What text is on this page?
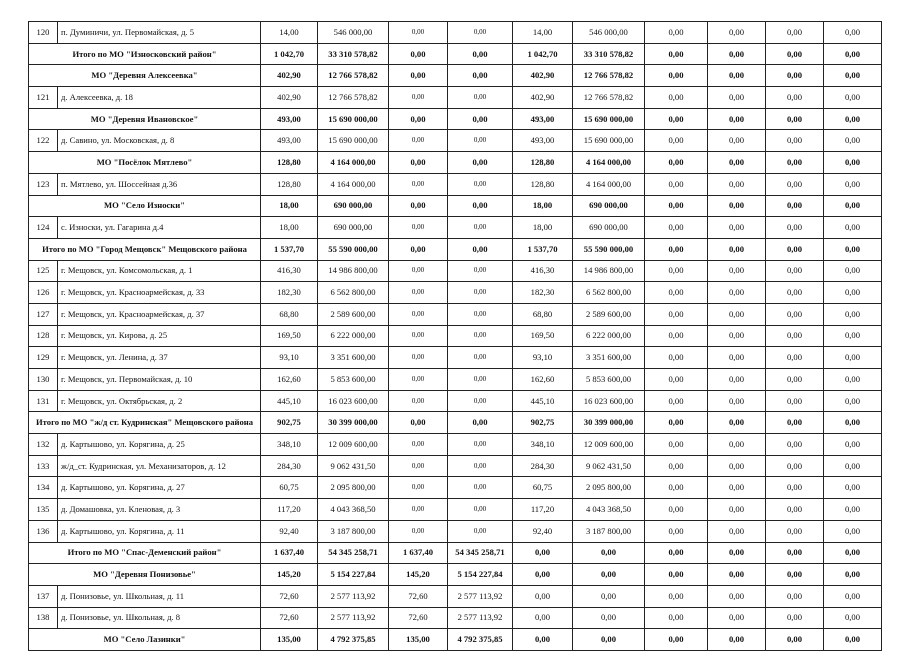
120	п. Думиничи, ул. Первомайская, д. 5	14,00	546 000,00	0,00	0,00	14,00	546 000,00	0,00	0,00	0,00	0,00
Итого по МО "Износковский район"		1 042,70	33 310 578,82	0,00	0,00	1 042,70	33 310 578,82	0,00	0,00	0,00	0,00
МО "Деревня Алексеевка"		402,90	12 766 578,82	0,00	0,00	402,90	12 766 578,82	0,00	0,00	0,00	0,00
121	д. Алексеевка, д. 18	402,90	12 766 578,82	0,00	0,00	402,90	12 766 578,82	0,00	0,00	0,00	0,00
МО "Деревня Ивановское"		493,00	15 690 000,00	0,00	0,00	493,00	15 690 000,00	0,00	0,00	0,00	0,00
122	д. Савино, ул. Московская, д. 8	493,00	15 690 000,00	0,00	0,00	493,00	15 690 000,00	0,00	0,00	0,00	0,00
МО "Посёлок Мятлево"		128,80	4 164 000,00	0,00	0,00	128,80	4 164 000,00	0,00	0,00	0,00	0,00
123	п. Мятлево, ул. Шоссейная д.36	128,80	4 164 000,00	0,00	0,00	128,80	4 164 000,00	0,00	0,00	0,00	0,00
МО "Село Износки"		18,00	690 000,00	0,00	0,00	18,00	690 000,00	0,00	0,00	0,00	0,00
124	с. Износки, ул. Гагарина д.4	18,00	690 000,00	0,00	0,00	18,00	690 000,00	0,00	0,00	0,00	0,00
Итого по МО "Город Мещовск" Мещовского района		1 537,70	55 590 000,00	0,00	0,00	1 537,70	55 590 000,00	0,00	0,00	0,00	0,00
125	г. Мещовск, ул. Комсомольская, д. 1	416,30	14 986 800,00	0,00	0,00	416,30	14 986 800,00	0,00	0,00	0,00	0,00
126	г. Мещовск, ул. Красноармейская, д. 33	182,30	6 562 800,00	0,00	0,00	182,30	6 562 800,00	0,00	0,00	0,00	0,00
127	г. Мещовск, ул. Красноармейская, д. 37	68,80	2 589 600,00	0,00	0,00	68,80	2 589 600,00	0,00	0,00	0,00	0,00
128	г. Мещовск, ул. Кирова, д. 25	169,50	6 222 000,00	0,00	0,00	169,50	6 222 000,00	0,00	0,00	0,00	0,00
129	г. Мещовск, ул. Ленина, д. 37	93,10	3 351 600,00	0,00	0,00	93,10	3 351 600,00	0,00	0,00	0,00	0,00
130	г. Мещовск, ул. Первомайская, д. 10	162,60	5 853 600,00	0,00	0,00	162,60	5 853 600,00	0,00	0,00	0,00	0,00
131	г. Мещовск, ул. Октябрьская, д. 2	445,10	16 023 600,00	0,00	0,00	445,10	16 023 600,00	0,00	0,00	0,00	0,00
Итого по МО "ж/д ст. Кудринская" Мещовского района		902,75	30 399 000,00	0,00	0,00	902,75	30 399 000,00	0,00	0,00	0,00	0,00
132	д. Картышово, ул. Корягина, д. 25	348,10	12 009 600,00	0,00	0,00	348,10	12 009 600,00	0,00	0,00	0,00	0,00
133	ж/д_ст. Кудринская, ул. Механизаторов, д. 12	284,30	9 062 431,50	0,00	0,00	284,30	9 062 431,50	0,00	0,00	0,00	0,00
134	д. Картышово, ул. Корягина, д. 27	60,75	2 095 800,00	0,00	0,00	60,75	2 095 800,00	0,00	0,00	0,00	0,00
135	д. Домашовка, ул. Кленовая, д. 3	117,20	4 043 368,50	0,00	0,00	117,20	4 043 368,50	0,00	0,00	0,00	0,00
136	д. Картышово, ул. Корягина, д. 11	92,40	3 187 800,00	0,00	0,00	92,40	3 187 800,00	0,00	0,00	0,00	0,00
Итого по МО "Спас-Деменский район"		1 637,40	54 345 258,71	1 637,40	54 345 258,71	0,00	0,00	0,00	0,00	0,00	0,00
МО "Деревня Понизовье"		145,20	5 154 227,84	145,20	5 154 227,84	0,00	0,00	0,00	0,00	0,00	0,00
137	д. Понизовье, ул. Школьная, д. 11	72,60	2 577 113,92	72,60	2 577 113,92	0,00	0,00	0,00	0,00	0,00	0,00
138	д. Понизовье, ул. Школьная, д. 8	72,60	2 577 113,92	72,60	2 577 113,92	0,00	0,00	0,00	0,00	0,00	0,00
МО "Село Лазинки"		135,00	4 792 375,85	135,00	4 792 375,85	0,00	0,00	0,00	0,00	0,00	0,00
